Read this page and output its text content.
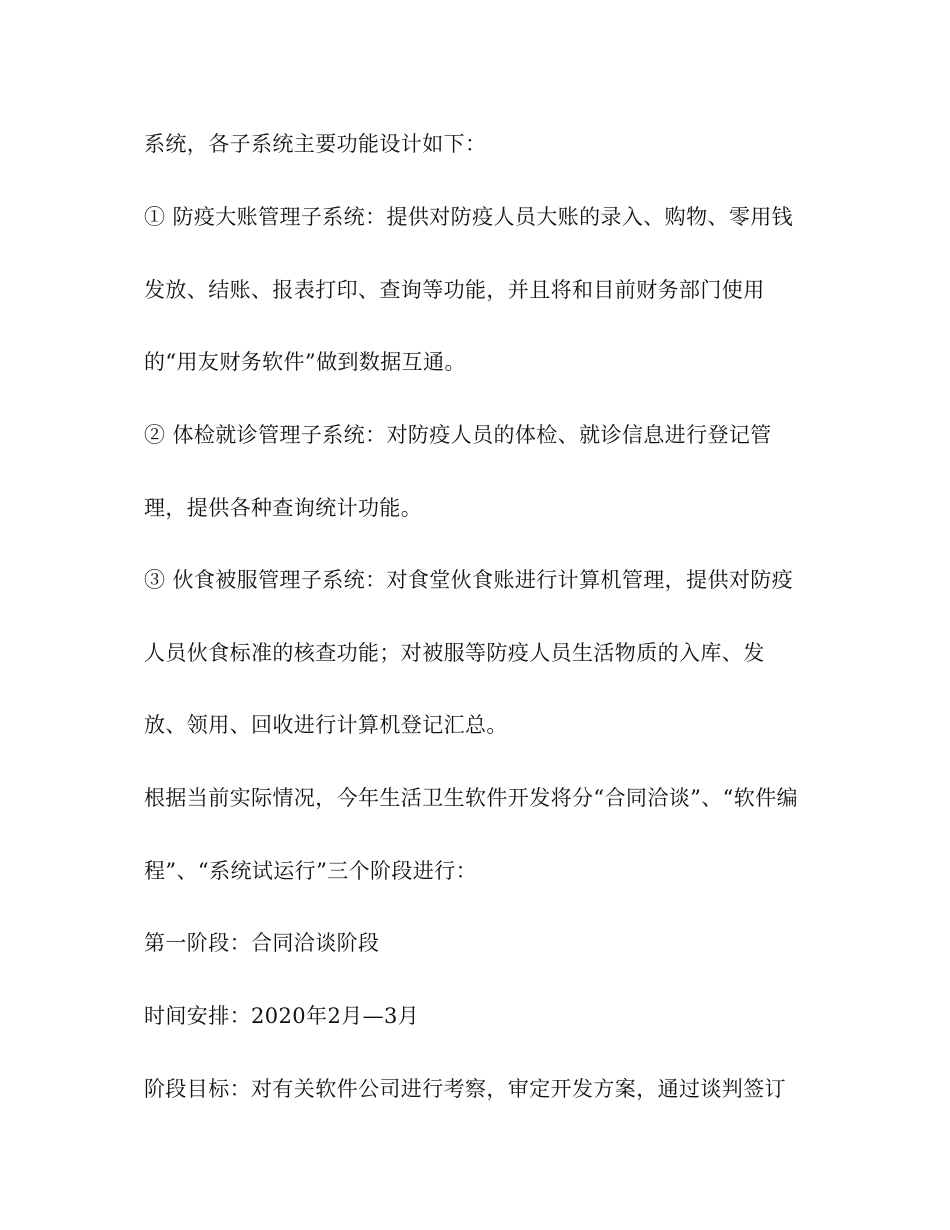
系统，各子系统主要功能设计如下：
① 防疫大账管理子系统：提供对防疫人员大账的录入、购物、零用钱
发放、结账、报表打印、查询等功能，并且将和目前财务部门使用
的“用友财务软件”做到数据互通。
② 体检就诊管理子系统：对防疫人员的体检、就诊信息进行登记管
理，提供各种查询统计功能。
③ 伙食被服管理子系统：对食堂伙食账进行计算机管理，提供对防疫
人员伙食标准的核查功能；对被服等防疫人员生活物质的入库、发
放、领用、回收进行计算机登记汇总。
根据当前实际情况，今年生活卫生软件开发将分“合同洽谈”、“软件编
程”、“系统试运行”三个阶段进行：
第一阶段：合同洽谈阶段
时间安排：2020年2月—3月
阶段目标：对有关软件公司进行考察，审定开发方案，通过谈判签订
